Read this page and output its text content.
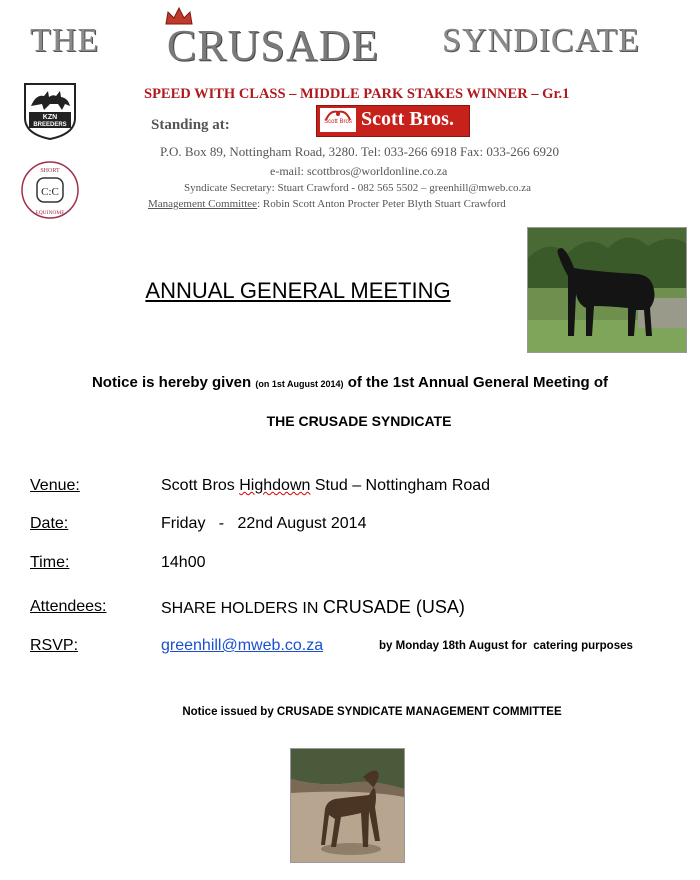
THE CRUSADE SYNDICATE
KZN
BREEDERS
C:C
SHORT
EQUINOME
SPEED WITH CLASS – MIDDLE PARK STAKES WINNER – Gr.1
Standing at:	Scott Bros Scott Bros.
P.O. Box 89, Nottingham Road, 3280. Tel: 033-266 6918 Fax: 033-266 6920
e-mail: scottbros@worldonline.co.za
Syndicate Secretary: Stuart Crawford - 082 565 5502 – greenhill@mweb.co.za
Management Committee: Robin Scott Anton Procter Peter Blyth Stuart Crawford
ANNUAL GENERAL MEETING
Notice is hereby given (on 1st August 2014) of the 1st Annual General Meeting of
THE CRUSADE SYNDICATE
Venue:	Scott Bros Highdown Stud – Nottingham Road
Date:	Friday   -   22nd August 2014
Time:	14h00
Attendees:	SHARE HOLDERS IN CRUSADE (USA)
RSVP:	greenhill@mweb.co.za	by Monday 18th August for  catering purposes
Notice issued by CRUSADE SYNDICATE MANAGEMENT COMMITTEE
